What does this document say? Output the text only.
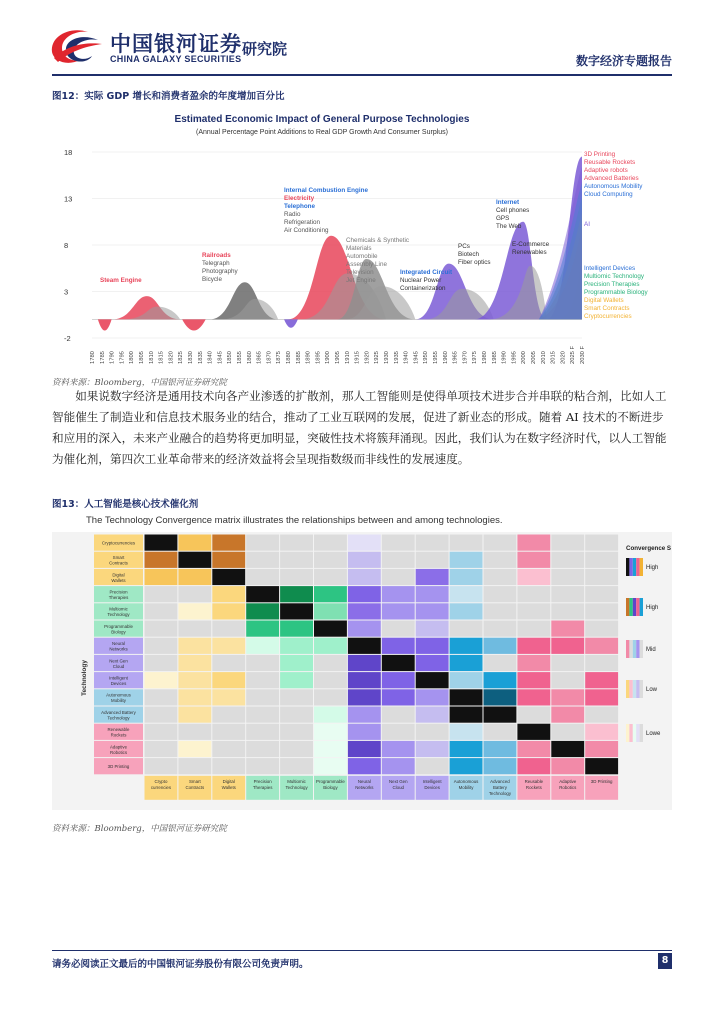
中国银河证券
CHINA GALAXY SECURITIES
研究院
数字经济专题报告
图12：实际 GDP 增长和消费者盈余的年度增加百分比
Estimated Economic Impact of General Purpose Technologies
(Annual Percentage Point Additions to Real GDP Growth And Consumer Surplus)
18
13
8
3
-2
1780 1785 1790 1795 1800 1805 1810 1815 1820 1825 1830 1835 1840 1845 1850 1855 1860 1865 1870 1875 1880 1885 1890 1895 1900 1905 1910 1915 1920 1925 1930 1935 1940 1945 1950 1955 1960 1965 1970 1975 1980 1985 1990 1995 2000 2005 2010 2015 2020 2025 F 2030 F
Steam Engine
Railroads
Telegraph
Photography
Bicycle
Internal Combustion Engine
Electricity
Telephone
Radio
Refrigeration
Air Conditioning
Chemicals & Synthetic
Materials
Automobile
Assembly Line
Television
Jet Engine
Integrated Circuit
Nuclear Power
Containerization
PCs
Biotech
Fiber optics
Internet
Cell phones
GPS
The Web
E-Commerce
Renewables
3D Printing
Reusable Rockets
Adaptive robots
Advanced Batteries
Autonomous Mobility
Cloud Computing
AI
Intelligent Devices
Multiomic Technology
Precision Therapies
Programmable Biology
Digital Wallets
Smart Contracts
Cryptocurrencies
资料来源：Bloomberg，中国银河证券研究院
如果说数字经济是通用技术向各产业渗透的扩散剂，那人工智能则是使得单项技术进步合并串联的粘合剂，比如人工智能催生了制造业和信息技术服务业的结合，推动了工业互联网的发展，促进了新业态的形成。随着 AI 技术的不断进步和应用的深入，未来产业融合的趋势将更加明显，突破性技术将簇拜涌现。因此，我们认为在数字经济时代，以人工智能为催化剂，第四次工业革命带来的经济效益将会呈现指数级而非线性的发展速度。
图13：人工智能是核心技术催化剂
The Technology Convergence matrix illustrates the relationships between and among technologies.
Technology
Cryptocurrencies
Smart
Contracts
Digital
Wallets
Precision
Therapies
Multiomic
Technology
Programmable
Biology
Neural
Networks
Next Gen
Cloud
Intelligent
Devices
Autonomous
Mobility
Advanced Battery
Technology
Renewable
Rockets
Adaptive
Robotics
3D Printing
Crypto
currencies
Smart
Contracts
Digital
Wallets
Precision
Therapies
Multiomic
Technology
Programmable
Biology
Neural
Networks
Next Gen
Cloud
Intelligent
Devices
Autonomous
Mobility
Advanced
Battery
Technology
Reusable
Rockets
Adaptive
Robotics
3D Printing
Convergence S
High
High
Mid
Low
Lowe
资料来源：Bloomberg，中国银河证券研究院
请务必阅读正文最后的中国银河证券股份有限公司免责声明。	8
